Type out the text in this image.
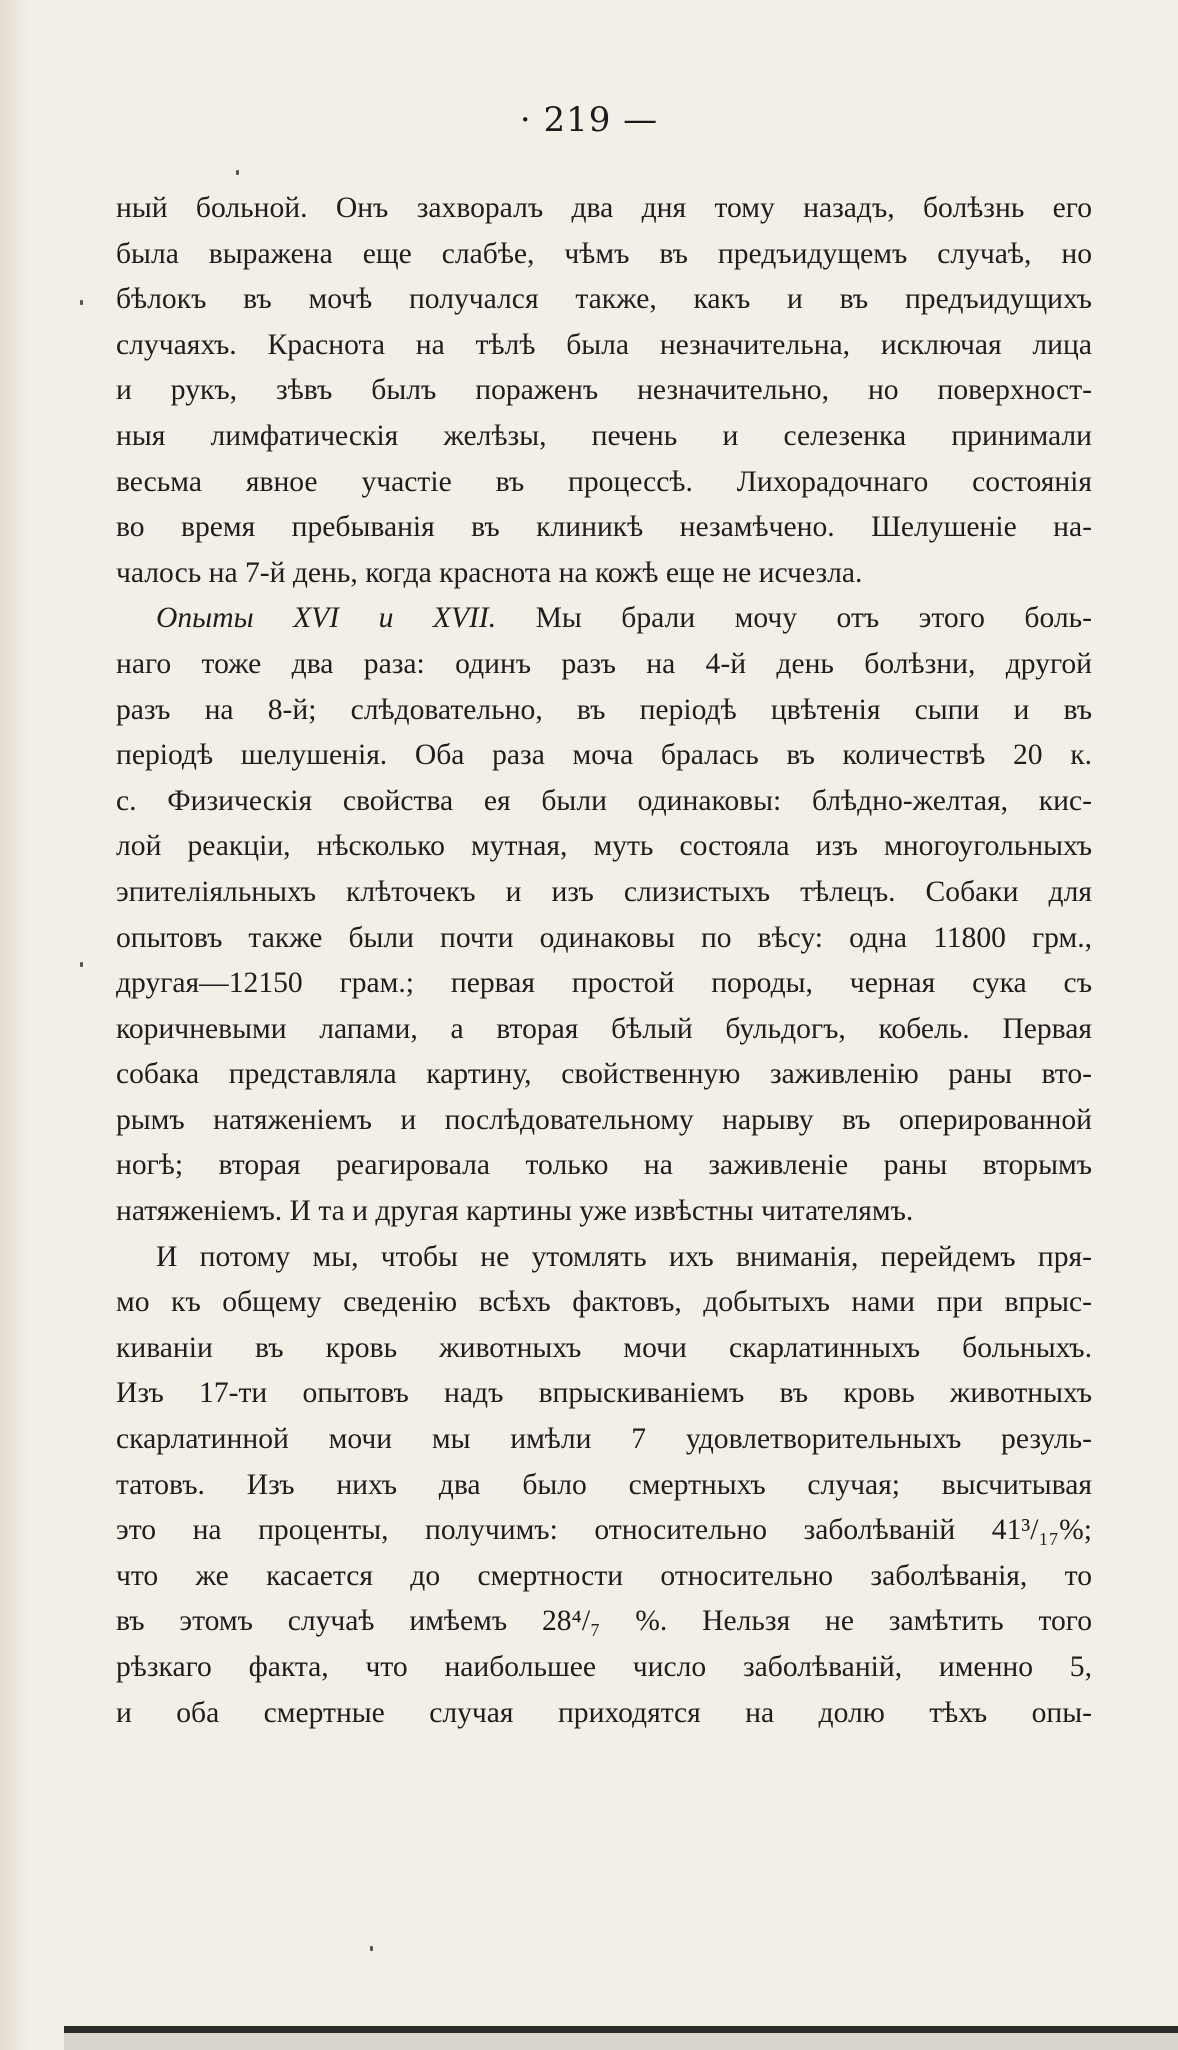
· 219 —
ный больной. Онъ захворалъ два дня тому назадъ, болѣзнь его
была выражена еще слабѣе, чѣмъ въ предъидущемъ случаѣ, но
бѣлокъ въ мочѣ получался также, какъ и въ предъидущихъ
случаяхъ. Краснота на тѣлѣ была незначительна, исключая лица
и рукъ, зѣвъ былъ пораженъ незначительно, но поверхност-
ныя лимфатическія желѣзы, печень и селезенка принимали
весьма явное участіе въ процессѣ. Лихорадочнаго состоянія
во время пребыванія въ клиникѣ незамѣчено. Шелушеніе на-
чалось на 7-й день, когда краснота на кожѣ еще не исчезла.
Опыты XVI и XVII. Мы брали мочу отъ этого боль-
наго тоже два раза: одинъ разъ на 4-й день болѣзни, другой
разъ на 8-й; слѣдовательно, въ періодѣ цвѣтенія сыпи и въ
періодѣ шелушенія. Оба раза моча бралась въ количествѣ 20 к.
с. Физическія свойства ея были одинаковы: блѣдно-желтая, кис-
лой реакціи, нѣсколько мутная, муть состояла изъ многоугольныхъ
эпителіяльныхъ клѣточекъ и изъ слизистыхъ тѣлецъ. Собаки для
опытовъ также были почти одинаковы по вѣсу: одна 11800 грм.,
другая—12150 грам.; первая простой породы, черная сука съ
коричневыми лапами, а вторая бѣлый бульдогъ, кобель. Первая
собака представляла картину, свойственную заживленію раны вто-
рымъ натяженіемъ и послѣдовательному нарыву въ оперированной
ногѣ; вторая реагировала только на заживленіе раны вторымъ
натяженіемъ. И та и другая картины уже извѣстны читателямъ.
И потому мы, чтобы не утомлять ихъ вниманія, перейдемъ пря-
мо къ общему сведенію всѣхъ фактовъ, добытыхъ нами при впрыс-
киваніи въ кровь животныхъ мочи скарлатинныхъ больныхъ.
Изъ 17-ти опытовъ надъ впрыскиваніемъ въ кровь животныхъ
скарлатинной мочи мы имѣли 7 удовлетворительныхъ резуль-
татовъ. Изъ нихъ два было смертныхъ случая; высчитывая
это на проценты, получимъ: относительно заболѣваній 41³/₁₇%;
что же касается до смертности относительно заболѣванія, то
въ этомъ случаѣ имѣемъ 28⁴/₇ %. Нельзя не замѣтить того
рѣзкаго факта, что наибольшее число заболѣваній, именно 5,
и оба смертные случая приходятся на долю тѣхъ опы-
